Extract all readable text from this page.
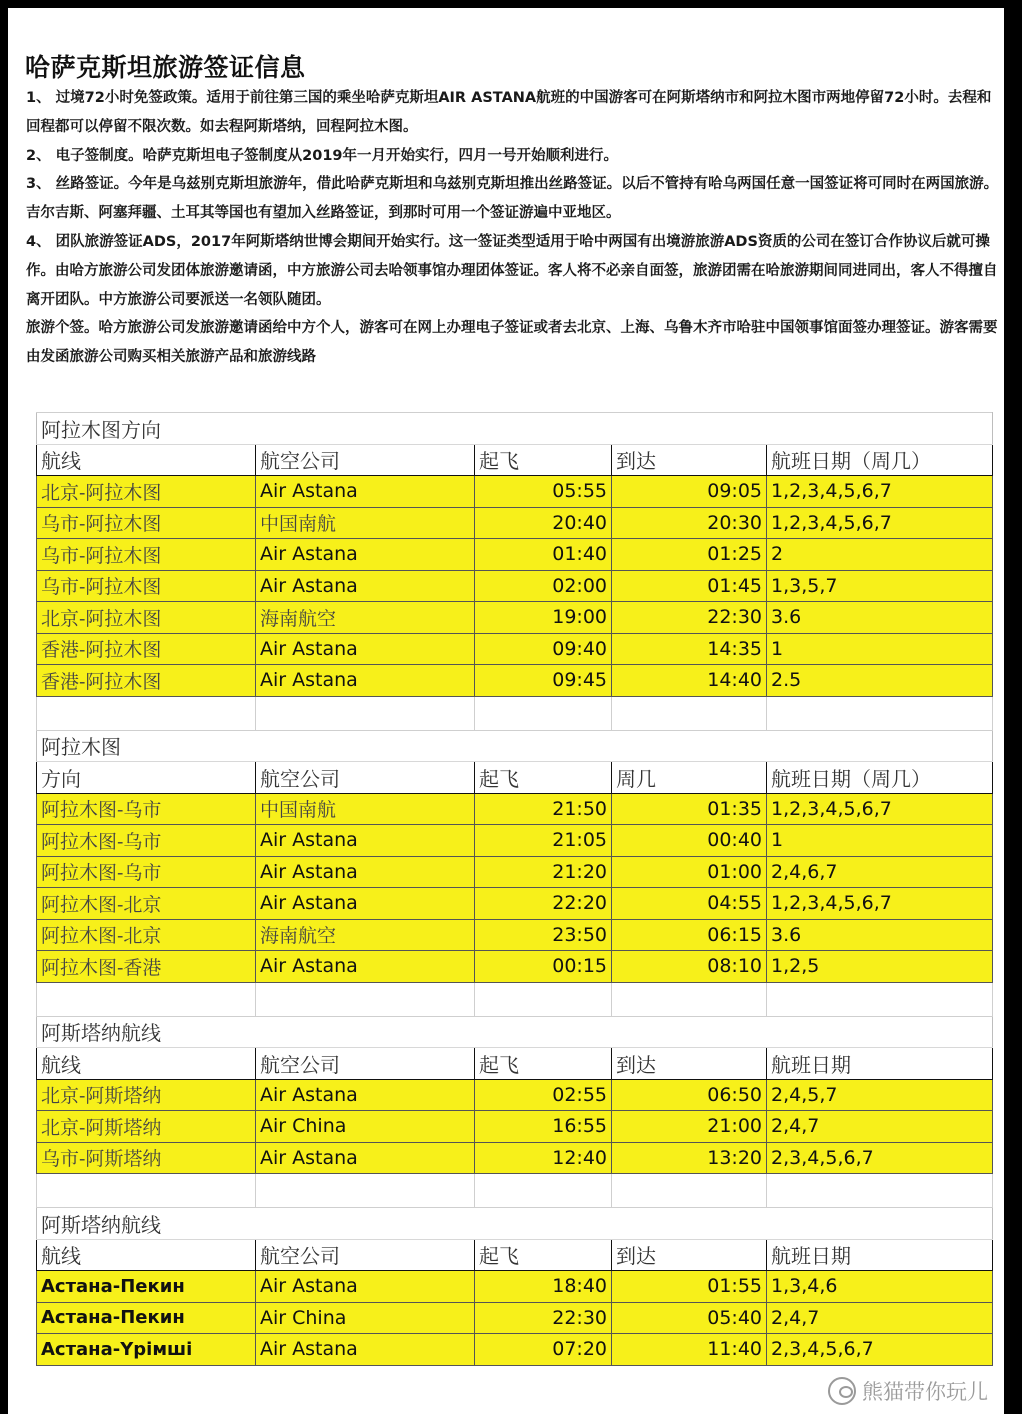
哈萨克斯坦旅游签证信息

1、 过境72小时免签政策。适用于前往第三国的乘坐哈萨克斯坦AIR ASTANA航班的中国游客可在阿斯塔纳市和阿拉木图市两地停留72小时。去程和回程都可以停留不限次数。如去程阿斯塔纳，回程阿拉木图。

2、 电子签制度。哈萨克斯坦电子签制度从2019年一月开始实行，四月一号开始顺利进行。

3、 丝路签证。今年是乌兹别克斯坦旅游年，借此哈萨克斯坦和乌兹别克斯坦推出丝路签证。以后不管持有哈乌两国任意一国签证将可同时在两国旅游。吉尔吉斯、阿塞拜疆、土耳其等国也有望加入丝路签证，到那时可用一个签证游遍中亚地区。

4、 团队旅游签证ADS，2017年阿斯塔纳世博会期间开始实行。这一签证类型适用于哈中两国有出境游旅游ADS资质的公司在签订合作协议后就可操作。由哈方旅游公司发团体旅游邀请函，中方旅游公司去哈领事馆办理团体签证。客人将不必亲自面签，旅游团需在哈旅游期间同进同出，客人不得擅自离开团队。中方旅游公司要派送一名领队随团。

旅游个签。哈方旅游公司发旅游邀请函给中方个人，游客可在网上办理电子签证或者去北京、上海、乌鲁木齐市哈驻中国领事馆面签办理签证。游客需要由发函旅游公司购买相关旅游产品和旅游线路

阿拉木图方向				
航线	航空公司	起飞	到达	航班日期（周几）
北京-阿拉木图	Air Astana	05:55	09:05	1,2,3,4,5,6,7
乌市-阿拉木图	中国南航	20:40	20:30	1,2,3,4,5,6,7
乌市-阿拉木图	Air Astana	01:40	01:25	2
乌市-阿拉木图	Air Astana	02:00	01:45	1,3,5,7
北京-阿拉木图	海南航空	19:00	22:30	3.6
香港-阿拉木图	Air Astana	09:40	14:35	1
香港-阿拉木图	Air Astana	09:45	14:40	2.5

阿拉木图				
方向	航空公司	起飞	周几	航班日期（周几）
阿拉木图-乌市	中国南航	21:50	01:35	1,2,3,4,5,6,7
阿拉木图-乌市	Air Astana	21:05	00:40	1
阿拉木图-乌市	Air Astana	21:20	01:00	2,4,6,7
阿拉木图-北京	Air Astana	22:20	04:55	1,2,3,4,5,6,7
阿拉木图-北京	海南航空	23:50	06:15	3.6
阿拉木图-香港	Air Astana	00:15	08:10	1,2,5

阿斯塔纳航线				
航线	航空公司	起飞	到达	航班日期
北京-阿斯塔纳	Air Astana	02:55	06:50	2,4,5,7
北京-阿斯塔纳	Air China	16:55	21:00	2,4,7
乌市-阿斯塔纳	Air Astana	12:40	13:20	2,3,4,5,6,7

阿斯塔纳航线				
航线	航空公司	起飞	到达	航班日期
Астана-Пекин	Air Astana	18:40	01:55	1,3,4,6
Астана-Пекин	Air China	22:30	05:40	2,4,7
Астана-Үрімші	Air Astana	07:20	11:40	2,3,4,5,6,7
熊猫带你玩儿
